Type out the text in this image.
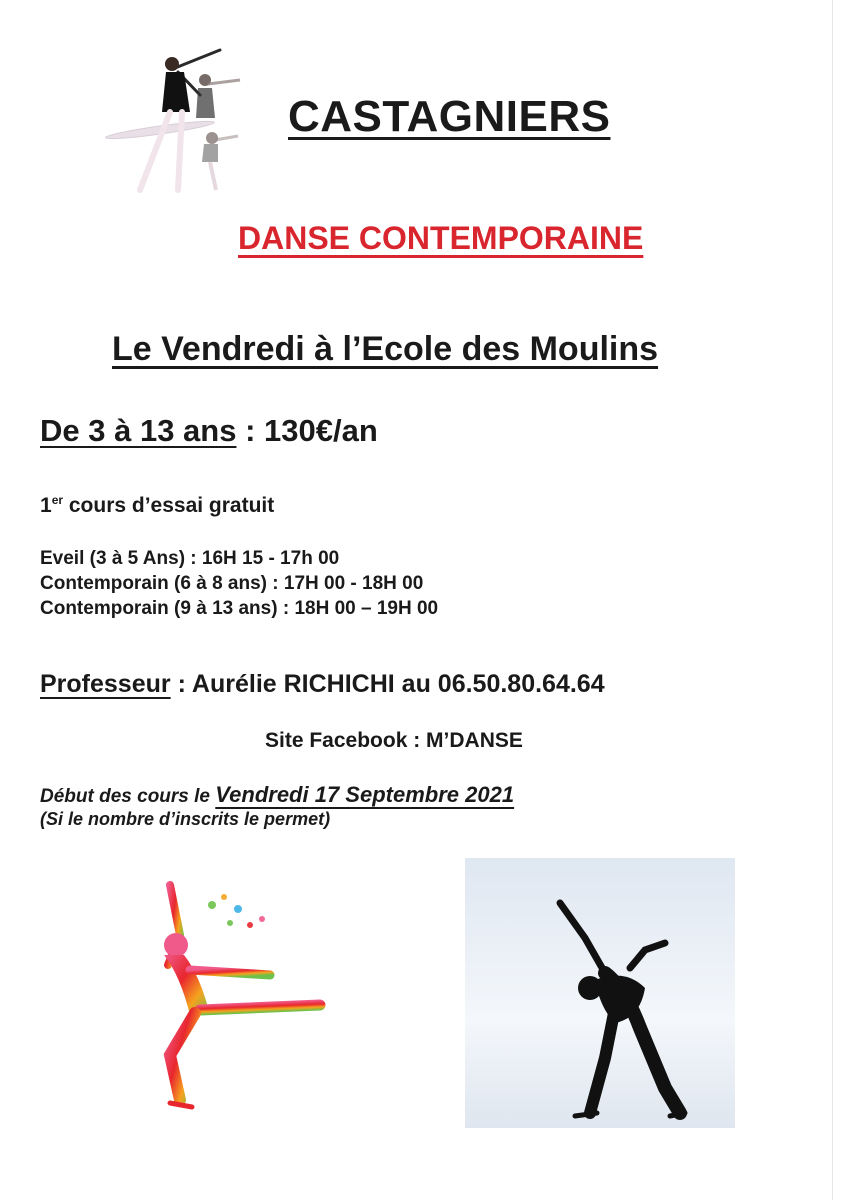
CASTAGNIERS
DANSE CONTEMPORAINE
Le Vendredi à l’Ecole des Moulins
De 3 à 13 ans : 130€/an
1er cours d’essai gratuit
Eveil (3 à 5 Ans) : 16H 15 - 17h 00
Contemporain (6 à 8 ans) : 17H 00 - 18H 00
Contemporain (9 à 13 ans) : 18H 00 – 19H 00
Professeur : Aurélie RICHICHI au 06.50.80.64.64
Site Facebook : M’DANSE
Début des cours le Vendredi 17 Septembre 2021
(Si le nombre d’inscrits le permet)
